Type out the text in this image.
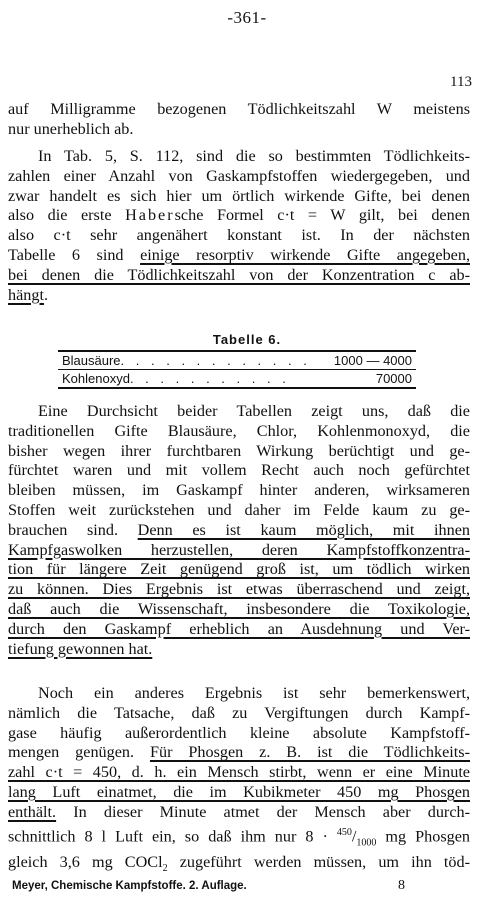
-361-
113
auf Milligramme bezogenen Tödlichkeitszahl W meistens
nur unerheblich ab.
In Tab. 5, S. 112, sind die so bestimmten Tödlichkeits-
zahlen einer Anzahl von Gaskampfstoffen wiedergegeben, und
zwar handelt es sich hier um örtlich wirkende Gifte, bei denen
also die erste Habersche Formel c·t = W gilt, bei denen
also c·t sehr angenähert konstant ist. In der nächsten
Tabelle 6 sind einige resorptiv wirkende Gifte angegeben,
bei denen die Tödlichkeitszahl von der Konzentration c ab-
hängt.
Tabelle 6.
Blausäure . . . . . . . . . . . . .	1000 — 4000
Kohlenoxyd . . . . . . . . . . .	70000
Eine Durchsicht beider Tabellen zeigt uns, daß die
traditionellen Gifte Blausäure, Chlor, Kohlenmonoxyd, die
bisher wegen ihrer furchtbaren Wirkung berüchtigt und ge-
fürchtet waren und mit vollem Recht auch noch gefürchtet
bleiben müssen, im Gaskampf hinter anderen, wirksameren
Stoffen weit zurückstehen und daher im Felde kaum zu ge-
brauchen sind. Denn es ist kaum möglich, mit ihnen
Kampfgaswolken herzustellen, deren Kampfstoffkonzentra-
tion für längere Zeit genügend groß ist, um tödlich wirken
zu können. Dies Ergebnis ist etwas überraschend und zeigt,
daß auch die Wissenschaft, insbesondere die Toxikologie,
durch den Gaskampf erheblich an Ausdehnung und Ver-
tiefung gewonnen hat.
Noch ein anderes Ergebnis ist sehr bemerkenswert,
nämlich die Tatsache, daß zu Vergiftungen durch Kampf-
gase häufig außerordentlich kleine absolute Kampfstoff-
mengen genügen. Für Phosgen z. B. ist die Tödlichkeits-
zahl c·t = 450, d. h. ein Mensch stirbt, wenn er eine Minute
lang Luft einatmet, die im Kubikmeter 450 mg Phosgen
enthält. In dieser Minute atmet der Mensch aber durch-
schnittlich 8 l Luft ein, so daß ihm nur $8 \cdot ^{450}/_{1000}$ mg Phosgen
gleich 3,6 mg COCl$_2$ zugeführt werden müssen, um ihn töd-
Meyer, Chemische Kampfstoffe. 2. Auflage.	8
